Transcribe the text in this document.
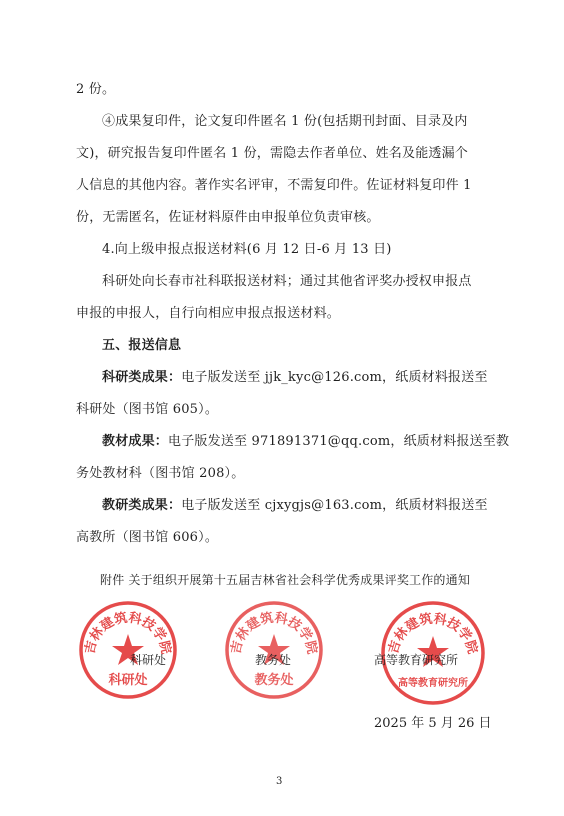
2 份。
④成果复印件，论文复印件匿名 1 份(包括期刊封面、目录及内
文)，研究报告复印件匿名 1 份，需隐去作者单位、姓名及能透漏个
人信息的其他内容。著作实名评审，不需复印件。佐证材料复印件 1
份，无需匿名，佐证材料原件由申报单位负责审核。
4.向上级申报点报送材料(6 月 12 日-6 月 13 日)
科研处向长春市社科联报送材料；通过其他省评奖办授权申报点
申报的申报人，自行向相应申报点报送材料。
五、报送信息
科研类成果：电子版发送至 jjk_kyc@126.com，纸质材料报送至
科研处（图书馆 605）。
教材成果：电子版发送至 971891371@qq.com，纸质材料报送至教
务处教材科（图书馆 208）。
教研类成果：电子版发送至 cjxygjs@163.com，纸质材料报送至
高教所（图书馆 606）。
附件 关于组织开展第十五届吉林省社会科学优秀成果评奖工作的通知
吉林建筑科技学院
科研处
吉林建筑科技学院
教务处
吉林建筑科技学院
高等教育研究所
科研处	教务处	高等教育研究所
2025 年 5 月 26 日
3
